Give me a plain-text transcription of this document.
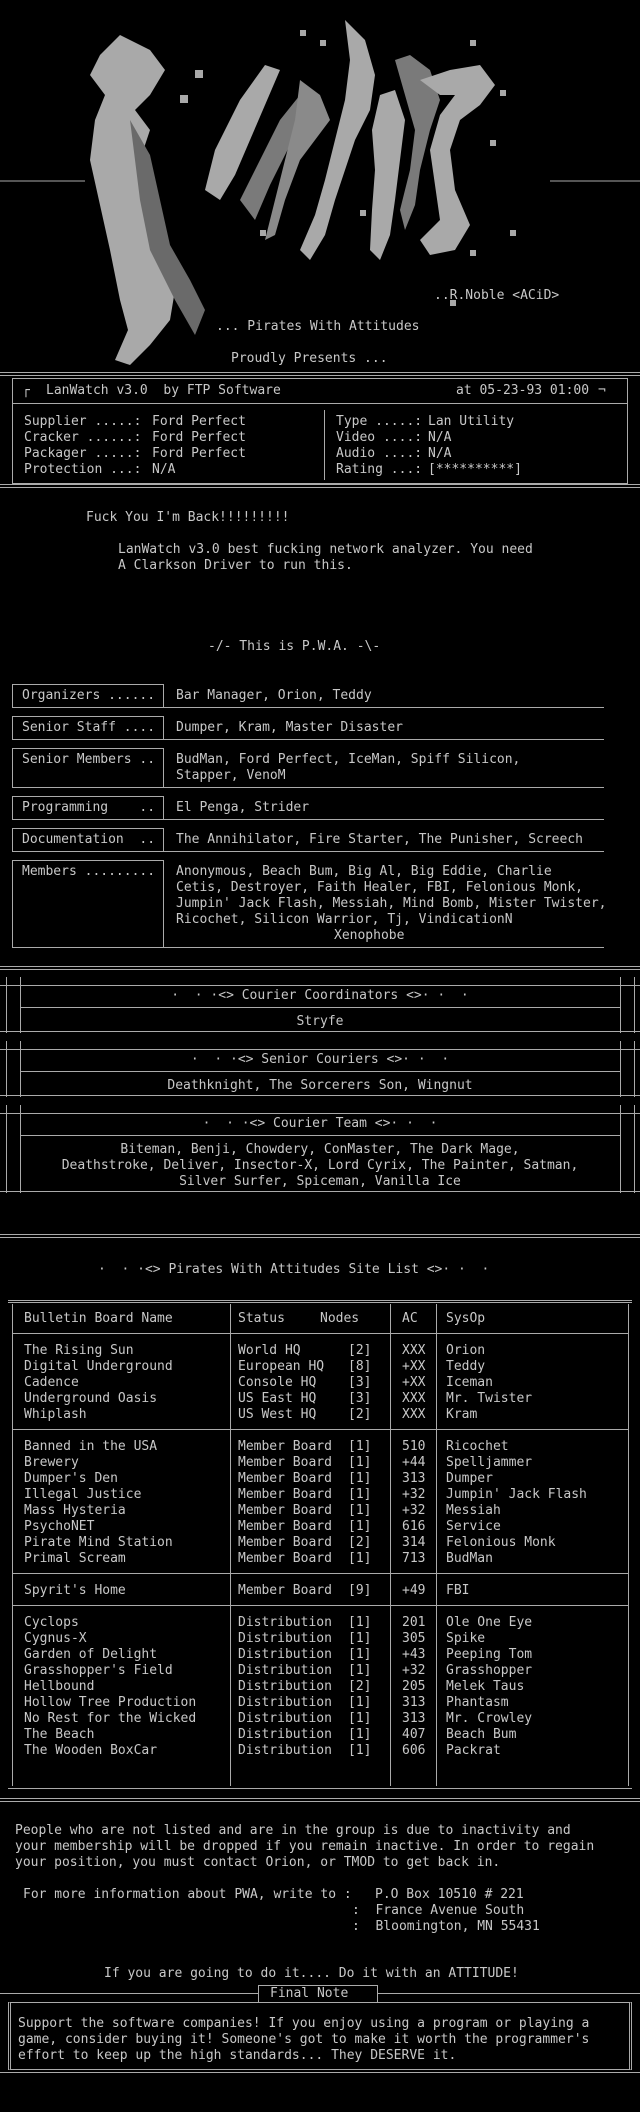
..R.Noble <ACiD>
... Pirates With Attitudes
Proudly Presents ...
┌ LanWatch v3.0  by FTP Software	at 05-23-93 01:00 ¬
Supplier .....: Ford Perfect
Cracker ......: Ford Perfect
Packager .....: Ford Perfect
Protection ...: N/A
Type .....: Lan Utility
Video ....: N/A
Audio ....: N/A
Rating ...: [**********]
Fuck You I'm Back!!!!!!!!!
LanWatch v3.0 best fucking network analyzer. You need
A Clarkson Driver to run this.
-/- This is P.W.A. -\-
Organizers ...... Bar Manager, Orion, Teddy
Senior Staff .... Dumper, Kram, Master Disaster
Senior Members .. BudMan, Ford Perfect, IceMan, Spiff Silicon,
Stapper, VenoM
Programming    .. El Penga, Strider
Documentation  .. The Annihilator, Fire Starter, The Punisher, Screech
Members ......... Anonymous, Beach Bum, Big Al, Big Eddie, Charlie
Cetis, Destroyer, Faith Healer, FBI, Felonious Monk,
Jumpin' Jack Flash, Messiah, Mind Bomb, Mister Twister,
Ricochet, Silicon Warrior, Tj, VindicationN
Xenophobe
·  · ·<> Courier Coordinators <>· ·  ·
Stryfe
·  · ·<> Senior Couriers <>· ·  ·
Deathknight, The Sorcerers Son, Wingnut
·  · ·<> Courier Team <>· ·  ·
Biteman, Benji, Chowdery, ConMaster, The Dark Mage,
Deathstroke, Deliver, Insector-X, Lord Cyrix, The Painter, Satman,
Silver Surfer, Spiceman, Vanilla Ice
·  · ·<> Pirates With Attitudes Site List <>· ·  ·
Bulletin Board Name	Status	Nodes	AC SysOp
The Rising Sun	World HQ	[2] XXX Orion
Digital Underground	European HQ [8] +XX Teddy
Cadence	Console HQ [3] +XX Iceman
Underground Oasis	US East HQ [3] XXX Mr. Twister
Whiplash	US West HQ [2] XXX Kram
Banned in the USA	Member Board [1] 510 Ricochet
Brewery	Member Board [1] +44 Spelljammer
Dumper's Den	Member Board [1] 313 Dumper
Illegal Justice	Member Board [1] +32 Jumpin' Jack Flash
Mass Hysteria	Member Board [1] +32 Messiah
PsychoNET	Member Board [1] 616 Service
Pirate Mind Station	Member Board [2] 314 Felonious Monk
Primal Scream	Member Board [1] 713 BudMan
Spyrit's Home	Member Board [9] +49 FBI
Cyclops	Distribution [1] 201 Ole One Eye
Cygnus-X	Distribution [1] 305 Spike
Garden of Delight	Distribution [1] +43 Peeping Tom
Grasshopper's Field	Distribution [1] +32 Grasshopper
Hellbound	Distribution [2] 205 Melek Taus
Hollow Tree Production	Distribution [1] 313 Phantasm
No Rest for the Wicked	Distribution [1] 313 Mr. Crowley
The Beach	Distribution [1] 407 Beach Bum
The Wooden BoxCar	Distribution [1] 606 Packrat
People who are not listed and are in the group is due to inactivity and
your membership will be dropped if you remain inactive. In order to regain
your position, you must contact Orion, or TMOD to get back in.
For more information about PWA, write to : P.O Box 10510 # 221
:  France Avenue South
:  Bloomington, MN 55431
If you are going to do it.... Do it with an ATTITUDE!
Final Note
Support the software companies! If you enjoy using a program or playing a
game, consider buying it! Someone's got to make it worth the programmer's
effort to keep up the high standards... They DESERVE it.
